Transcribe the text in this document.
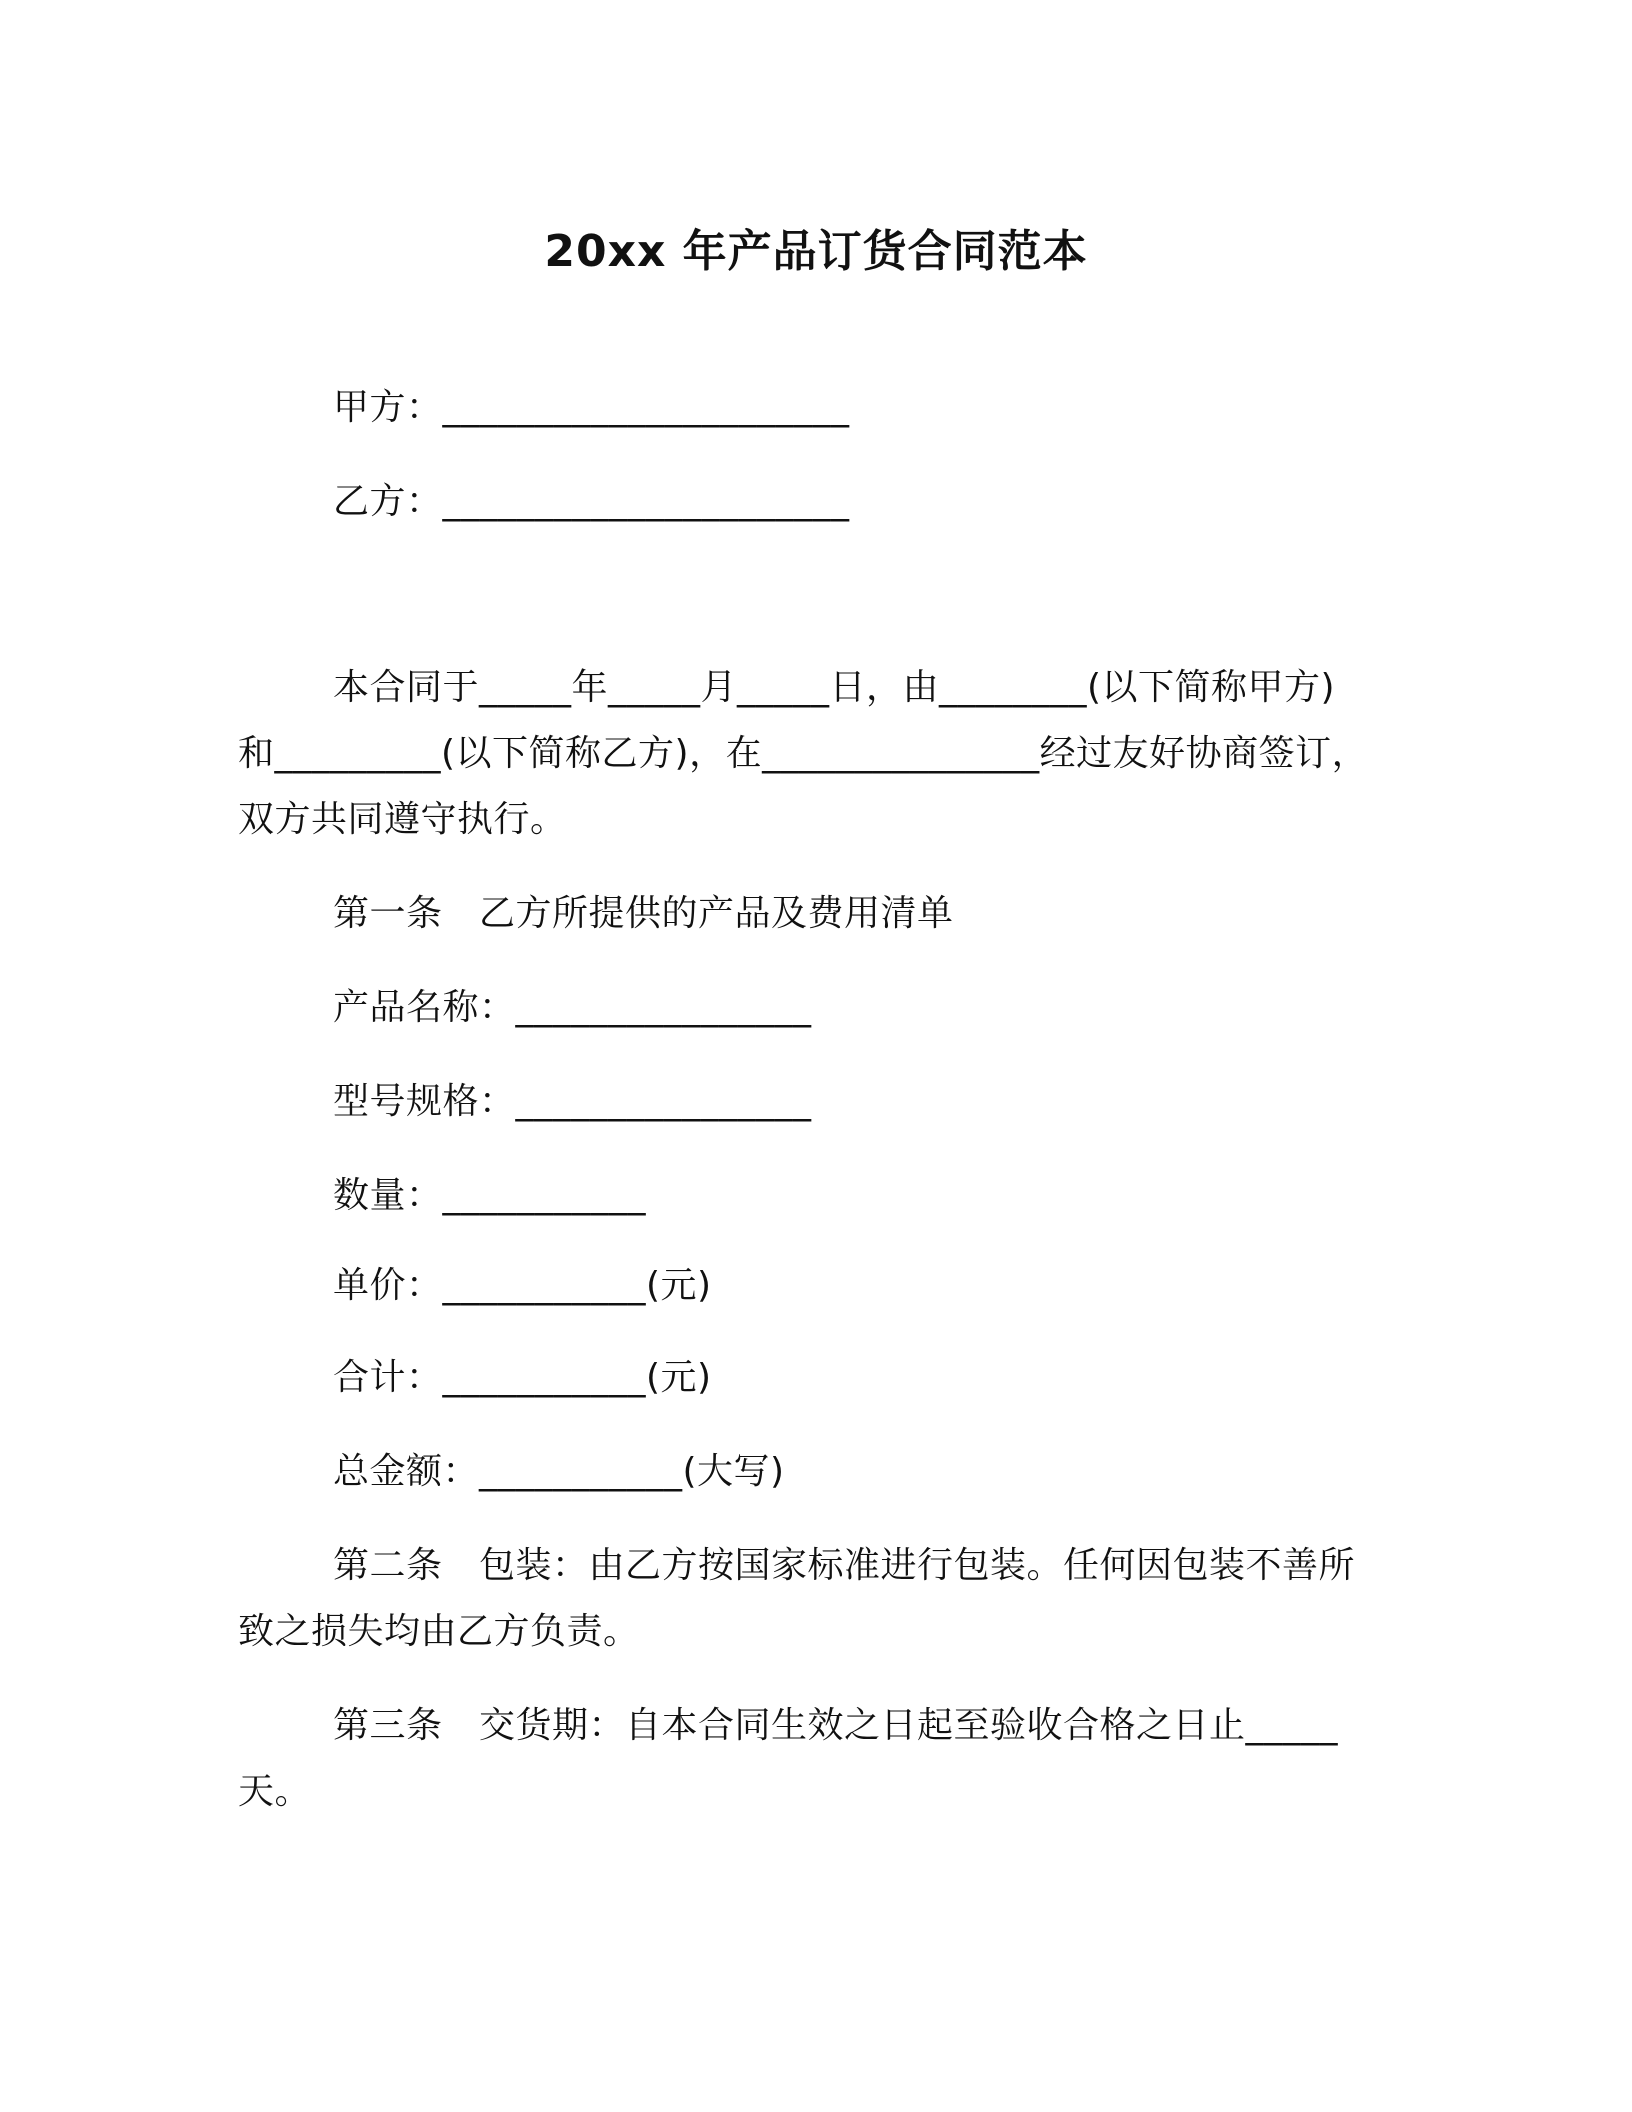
20xx 年产品订货合同范本
甲方：______________________
乙方：______________________
本合同于_____年_____月_____日，由________(以下简称甲方)
和_________(以下简称乙方)，在_______________经过友好协商签订，
双方共同遵守执行。
第一条　乙方所提供的产品及费用清单
产品名称：________________
型号规格：________________
数量：___________
单价：___________(元)
合计：___________(元)
总金额：___________(大写)
第二条　包装：由乙方按国家标准进行包装。任何因包装不善所
致之损失均由乙方负责。
第三条　交货期：自本合同生效之日起至验收合格之日止_____
天。
